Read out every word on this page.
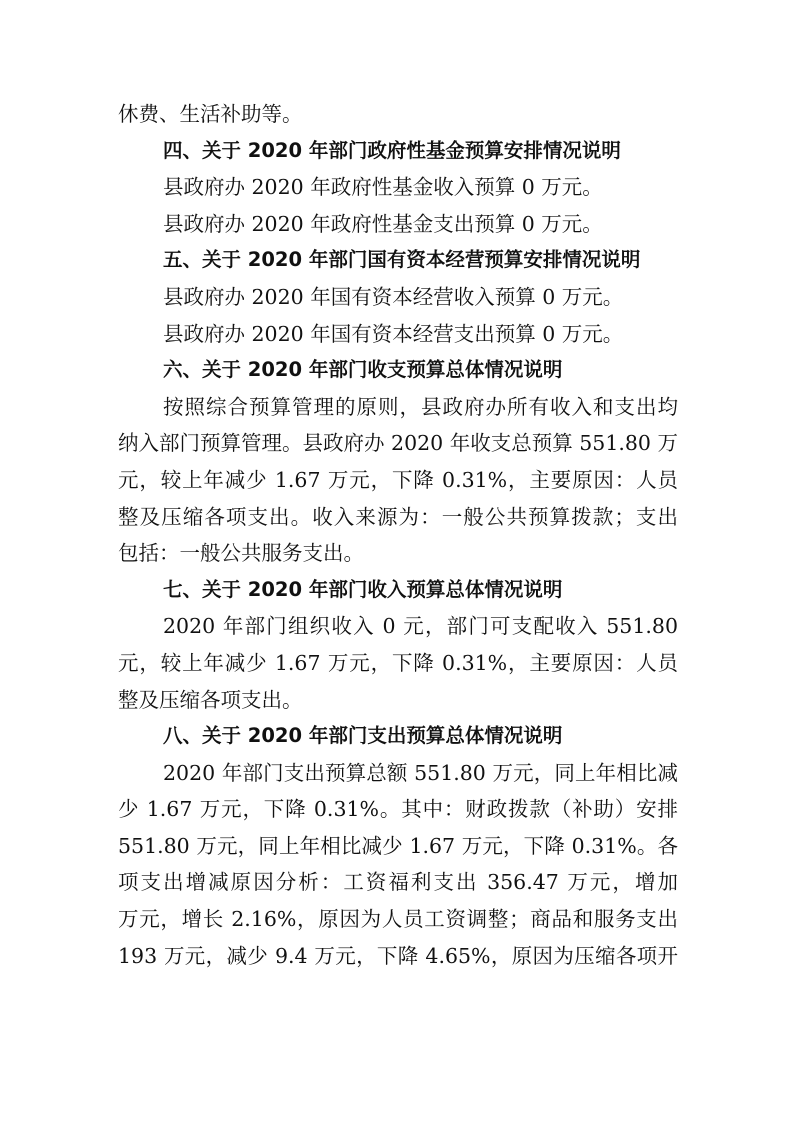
休费、生活补助等。
四、关于 2020 年部门政府性基金预算安排情况说明
县政府办 2020 年政府性基金收入预算 0 万元。
县政府办 2020 年政府性基金支出预算 0 万元。
五、关于 2020 年部门国有资本经营预算安排情况说明
县政府办 2020 年国有资本经营收入预算 0 万元。
县政府办 2020 年国有资本经营支出预算 0 万元。
六、关于 2020 年部门收支预算总体情况说明
按照综合预算管理的原则，县政府办所有收入和支出均
纳入部门预算管理。县政府办 2020 年收支总预算 551.80 万
元，较上年减少 1.67 万元，下降 0.31%，主要原因：人员
整及压缩各项支出。收入来源为：一般公共预算拨款；支出
包括：一般公共服务支出。
七、关于 2020 年部门收入预算总体情况说明
2020 年部门组织收入 0 元，部门可支配收入 551.80
元，较上年减少 1.67 万元，下降 0.31%，主要原因：人员
整及压缩各项支出。
八、关于 2020 年部门支出预算总体情况说明
2020 年部门支出预算总额 551.80 万元，同上年相比减
少 1.67 万元，下降 0.31%。其中：财政拨款（补助）安排
551.80 万元，同上年相比减少 1.67 万元，下降 0.31%。各
项支出增减原因分析：工资福利支出 356.47 万元，增加
万元，增长 2.16%，原因为人员工资调整；商品和服务支出
193 万元，减少 9.4 万元，下降 4.65%，原因为压缩各项开
